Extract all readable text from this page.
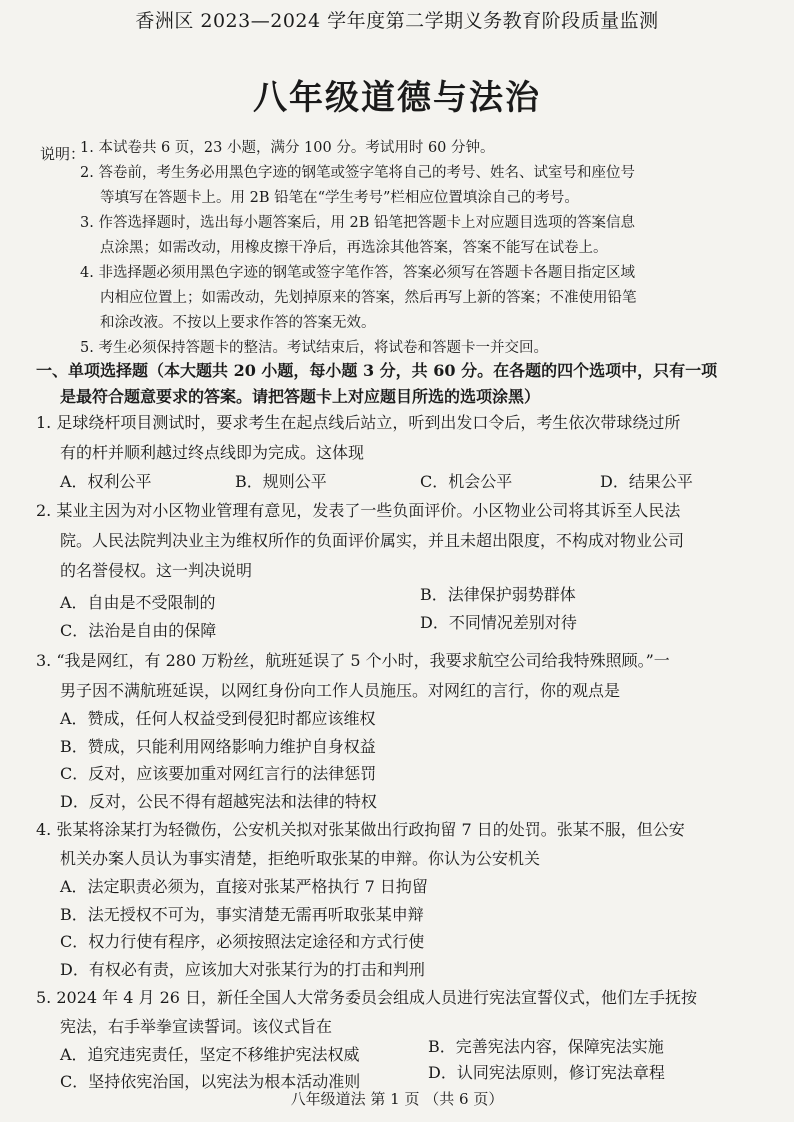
香洲区 2023—2024 学年度第二学期义务教育阶段质量监测
八年级道德与法治
说明：
1. 本试卷共 6 页，23 小题，满分 100 分。考试用时 60 分钟。
2. 答卷前，考生务必用黑色字迹的钢笔或签字笔将自己的考号、姓名、试室号和座位号
等填写在答题卡上。用 2B 铅笔在“学生考号”栏相应位置填涂自己的考号。
3. 作答选择题时，选出每小题答案后，用 2B 铅笔把答题卡上对应题目选项的答案信息
点涂黑；如需改动，用橡皮擦干净后，再选涂其他答案，答案不能写在试卷上。
4. 非选择题必须用黑色字迹的钢笔或签字笔作答，答案必须写在答题卡各题目指定区域
内相应位置上；如需改动，先划掉原来的答案，然后再写上新的答案；不准使用铅笔
和涂改液。不按以上要求作答的答案无效。
5. 考生必须保持答题卡的整洁。考试结束后，将试卷和答题卡一并交回。
一、单项选择题（本大题共 20 小题，每小题 3 分，共 60 分。在各题的四个选项中，只有一项
是最符合题意要求的答案。请把答题卡上对应题目所选的选项涂黑）
1. 足球绕杆项目测试时，要求考生在起点线后站立，听到出发口令后，考生依次带球绕过所
有的杆并顺利越过终点线即为完成。这体现
A．权利公平	B．规则公平	C．机会公平	D．结果公平
2. 某业主因为对小区物业管理有意见，发表了一些负面评价。小区物业公司将其诉至人民法
院。人民法院判决业主为维权所作的负面评价属实，并且未超出限度，不构成对物业公司
的名誉侵权。这一判决说明
A．自由是不受限制的	B．法律保护弱势群体
C．法治是自由的保障	D．不同情况差别对待
3. “我是网红，有 280 万粉丝，航班延误了 5 个小时，我要求航空公司给我特殊照顾。”一
男子因不满航班延误，以网红身份向工作人员施压。对网红的言行，你的观点是
A．赞成，任何人权益受到侵犯时都应该维权
B．赞成，只能利用网络影响力维护自身权益
C．反对，应该要加重对网红言行的法律惩罚
D．反对，公民不得有超越宪法和法律的特权
4. 张某将涂某打为轻微伤，公安机关拟对张某做出行政拘留 7 日的处罚。张某不服，但公安
机关办案人员认为事实清楚，拒绝听取张某的申辩。你认为公安机关
A．法定职责必须为，直接对张某严格执行 7 日拘留
B．法无授权不可为，事实清楚无需再听取张某申辩
C．权力行使有程序，必须按照法定途径和方式行使
D．有权必有责，应该加大对张某行为的打击和判刑
5. 2024 年 4 月 26 日，新任全国人大常务委员会组成人员进行宪法宣誓仪式，他们左手抚按
宪法，右手举拳宣读誓词。该仪式旨在
A．追究违宪责任，坚定不移维护宪法权威	B．完善宪法内容，保障宪法实施
C．坚持依宪治国，以宪法为根本活动准则	D．认同宪法原则，修订宪法章程
八年级道法 第 1 页 （共 6 页）
